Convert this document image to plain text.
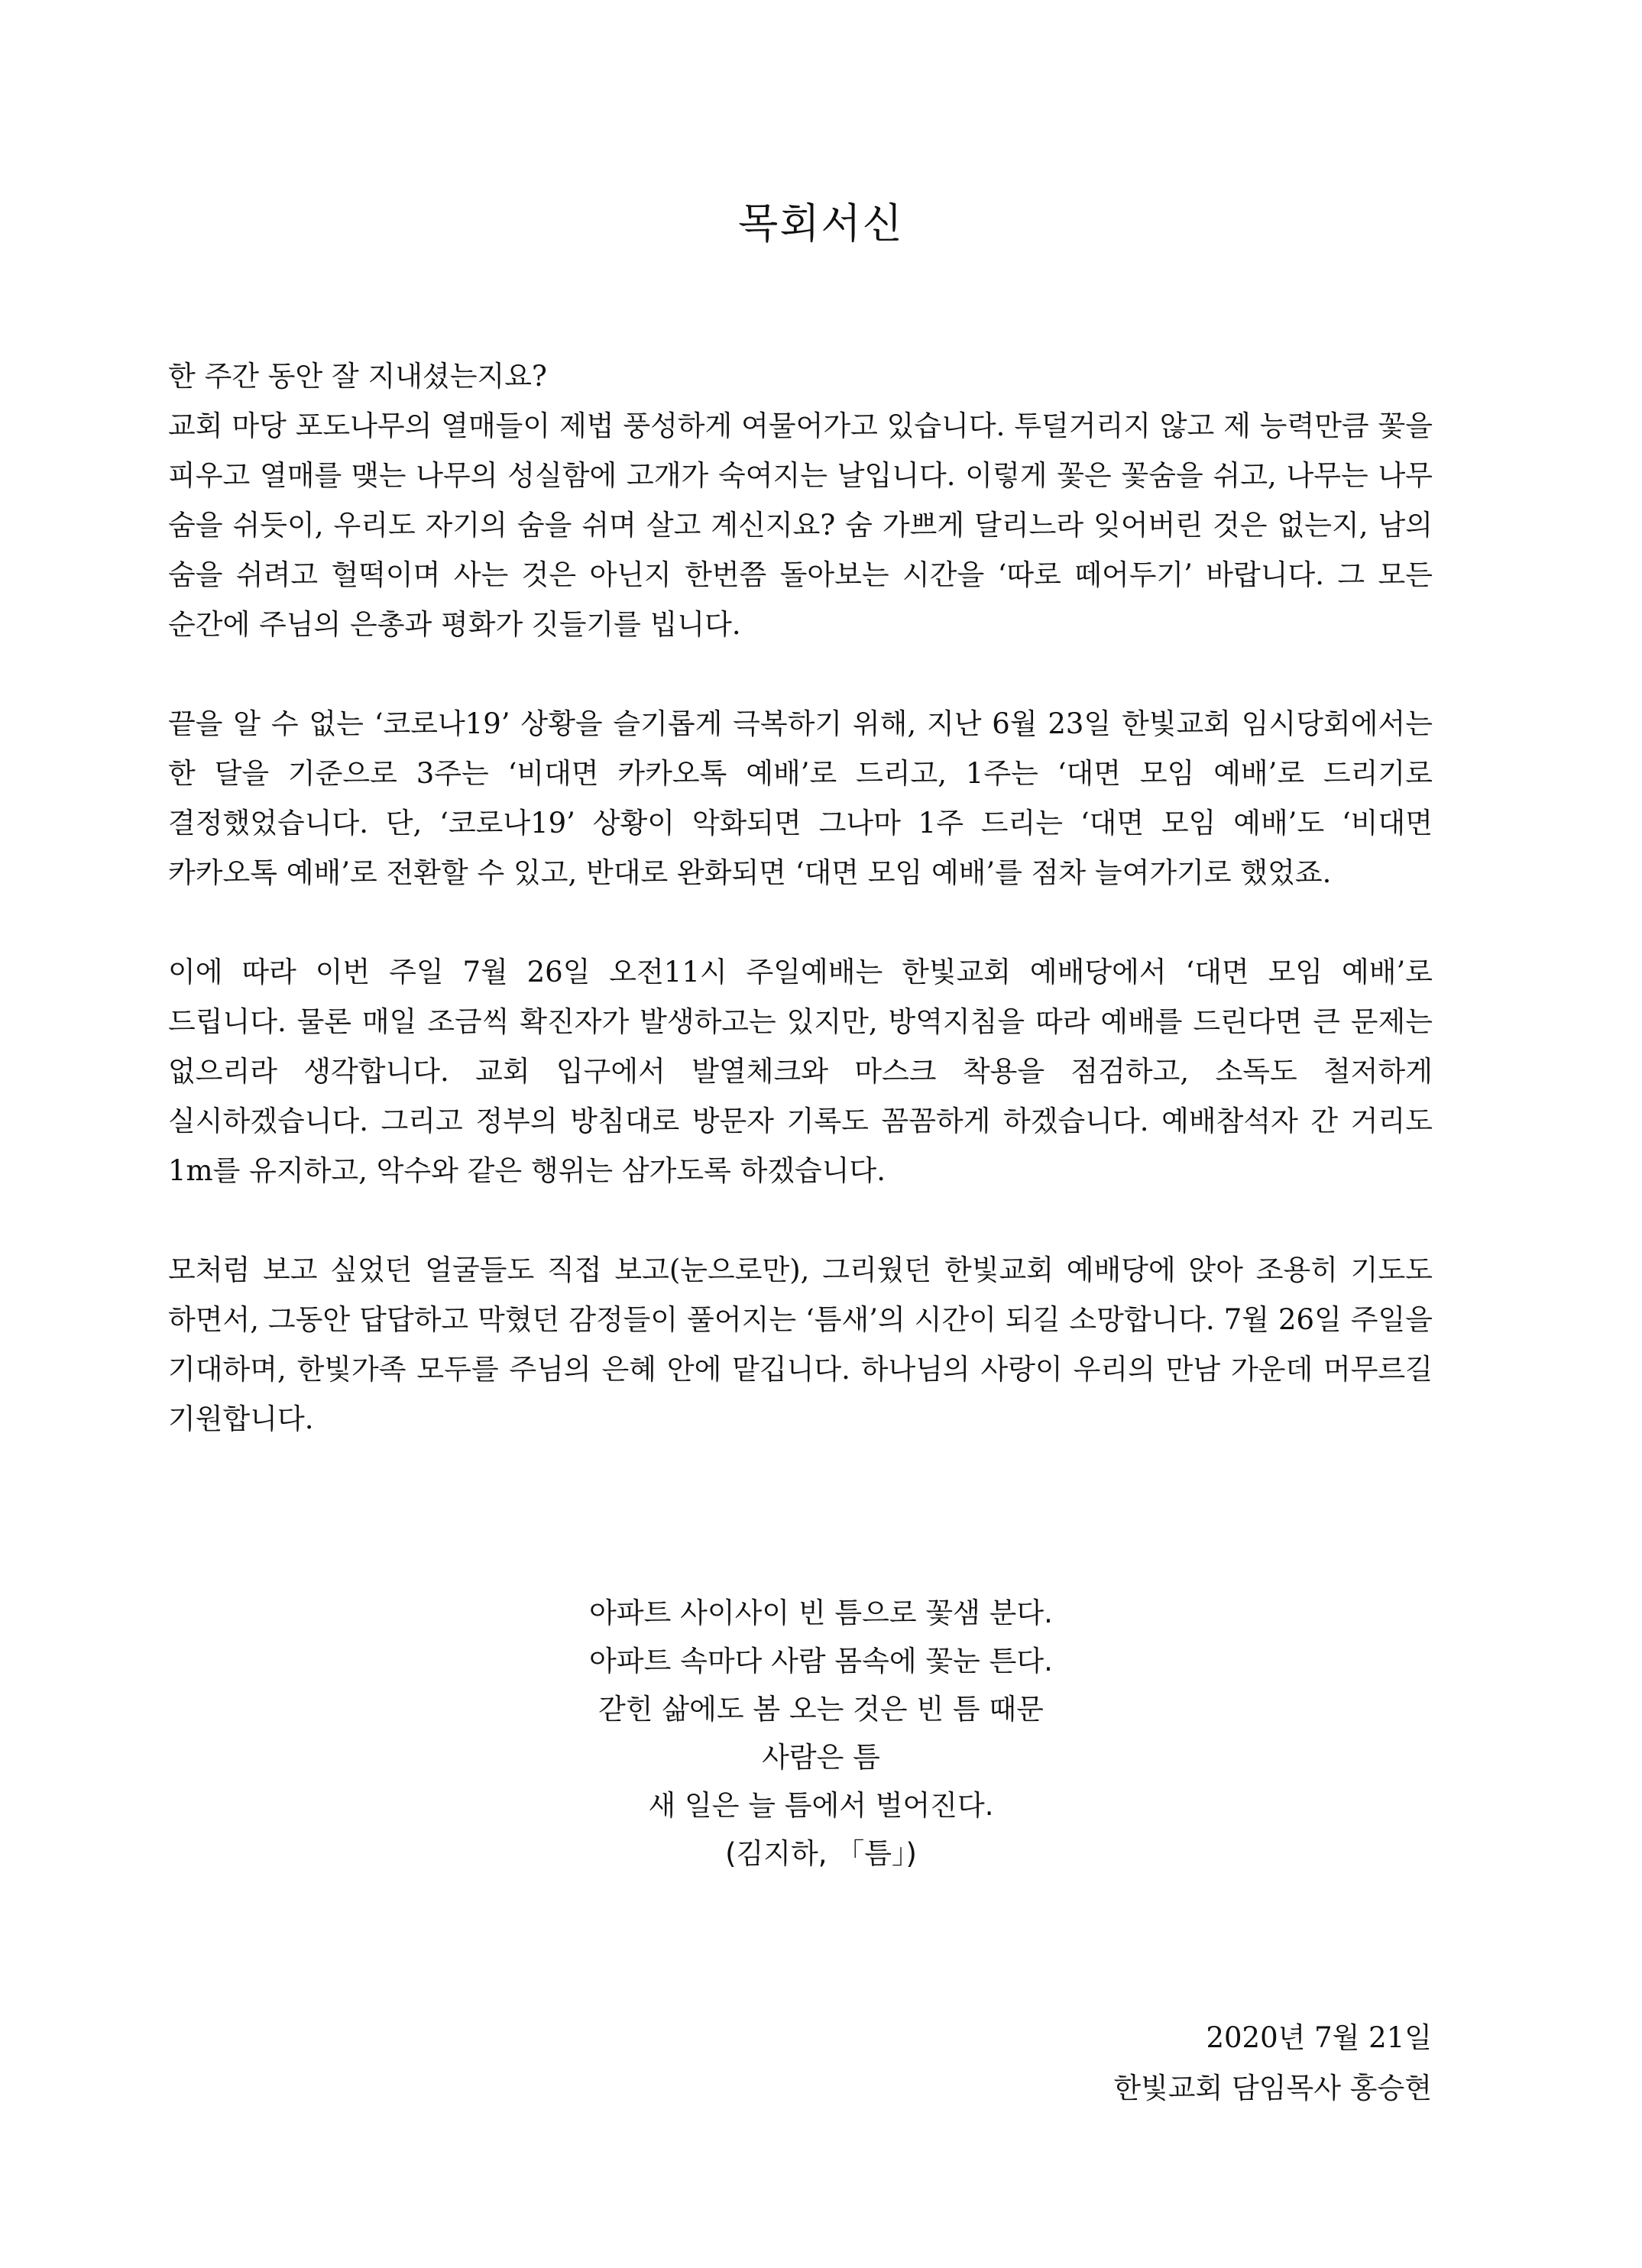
목회서신

한 주간 동안 잘 지내셨는지요?

교회 마당 포도나무의 열매들이 제법 풍성하게 여물어가고 있습니다. 투덜거리지 않고 제 능력만큼 꽃을 피우고 열매를 맺는 나무의 성실함에 고개가 숙여지는 날입니다. 이렇게 꽃은 꽃숨을 쉬고, 나무는 나무 숨을 쉬듯이, 우리도 자기의 숨을 쉬며 살고 계신지요? 숨 가쁘게 달리느라 잊어버린 것은 없는지, 남의 숨을 쉬려고 헐떡이며 사는 것은 아닌지 한번쯤 돌아보는 시간을 ‘따로 떼어두기’ 바랍니다. 그 모든 순간에 주님의 은총과 평화가 깃들기를 빕니다.

끝을 알 수 없는 ‘코로나19’ 상황을 슬기롭게 극복하기 위해, 지난 6월 23일 한빛교회 임시당회에서는 한 달을 기준으로 3주는 ‘비대면 카카오톡 예배’로 드리고, 1주는 ‘대면 모임 예배’로 드리기로 결정했었습니다. 단, ‘코로나19’ 상황이 악화되면 그나마 1주 드리는 ‘대면 모임 예배’도 ‘비대면 카카오톡 예배’로 전환할 수 있고, 반대로 완화되면 ‘대면 모임 예배’를 점차 늘여가기로 했었죠.

이에 따라 이번 주일 7월 26일 오전11시 주일예배는 한빛교회 예배당에서 ‘대면 모임 예배’로 드립니다. 물론 매일 조금씩 확진자가 발생하고는 있지만, 방역지침을 따라 예배를 드린다면 큰 문제는 없으리라 생각합니다. 교회 입구에서 발열체크와 마스크 착용을 점검하고, 소독도 철저하게 실시하겠습니다. 그리고 정부의 방침대로 방문자 기록도 꼼꼼하게 하겠습니다. 예배참석자 간 거리도 1m를 유지하고, 악수와 같은 행위는 삼가도록 하겠습니다.

모처럼 보고 싶었던 얼굴들도 직접 보고(눈으로만), 그리웠던 한빛교회 예배당에 앉아 조용히 기도도 하면서, 그동안 답답하고 막혔던 감정들이 풀어지는 ‘틈새’의 시간이 되길 소망합니다. 7월 26일 주일을 기대하며, 한빛가족 모두를 주님의 은혜 안에 맡깁니다. 하나님의 사랑이 우리의 만남 가운데 머무르길 기원합니다.

아파트 사이사이 빈 틈으로 꽃샘 분다.
아파트 속마다 사람 몸속에 꽃눈 튼다.
갇힌 삶에도 봄 오는 것은 빈 틈 때문
사람은 틈
새 일은 늘 틈에서 벌어진다.
(김지하, 「틈」)
2020년 7월 21일
한빛교회 담임목사 홍승현
